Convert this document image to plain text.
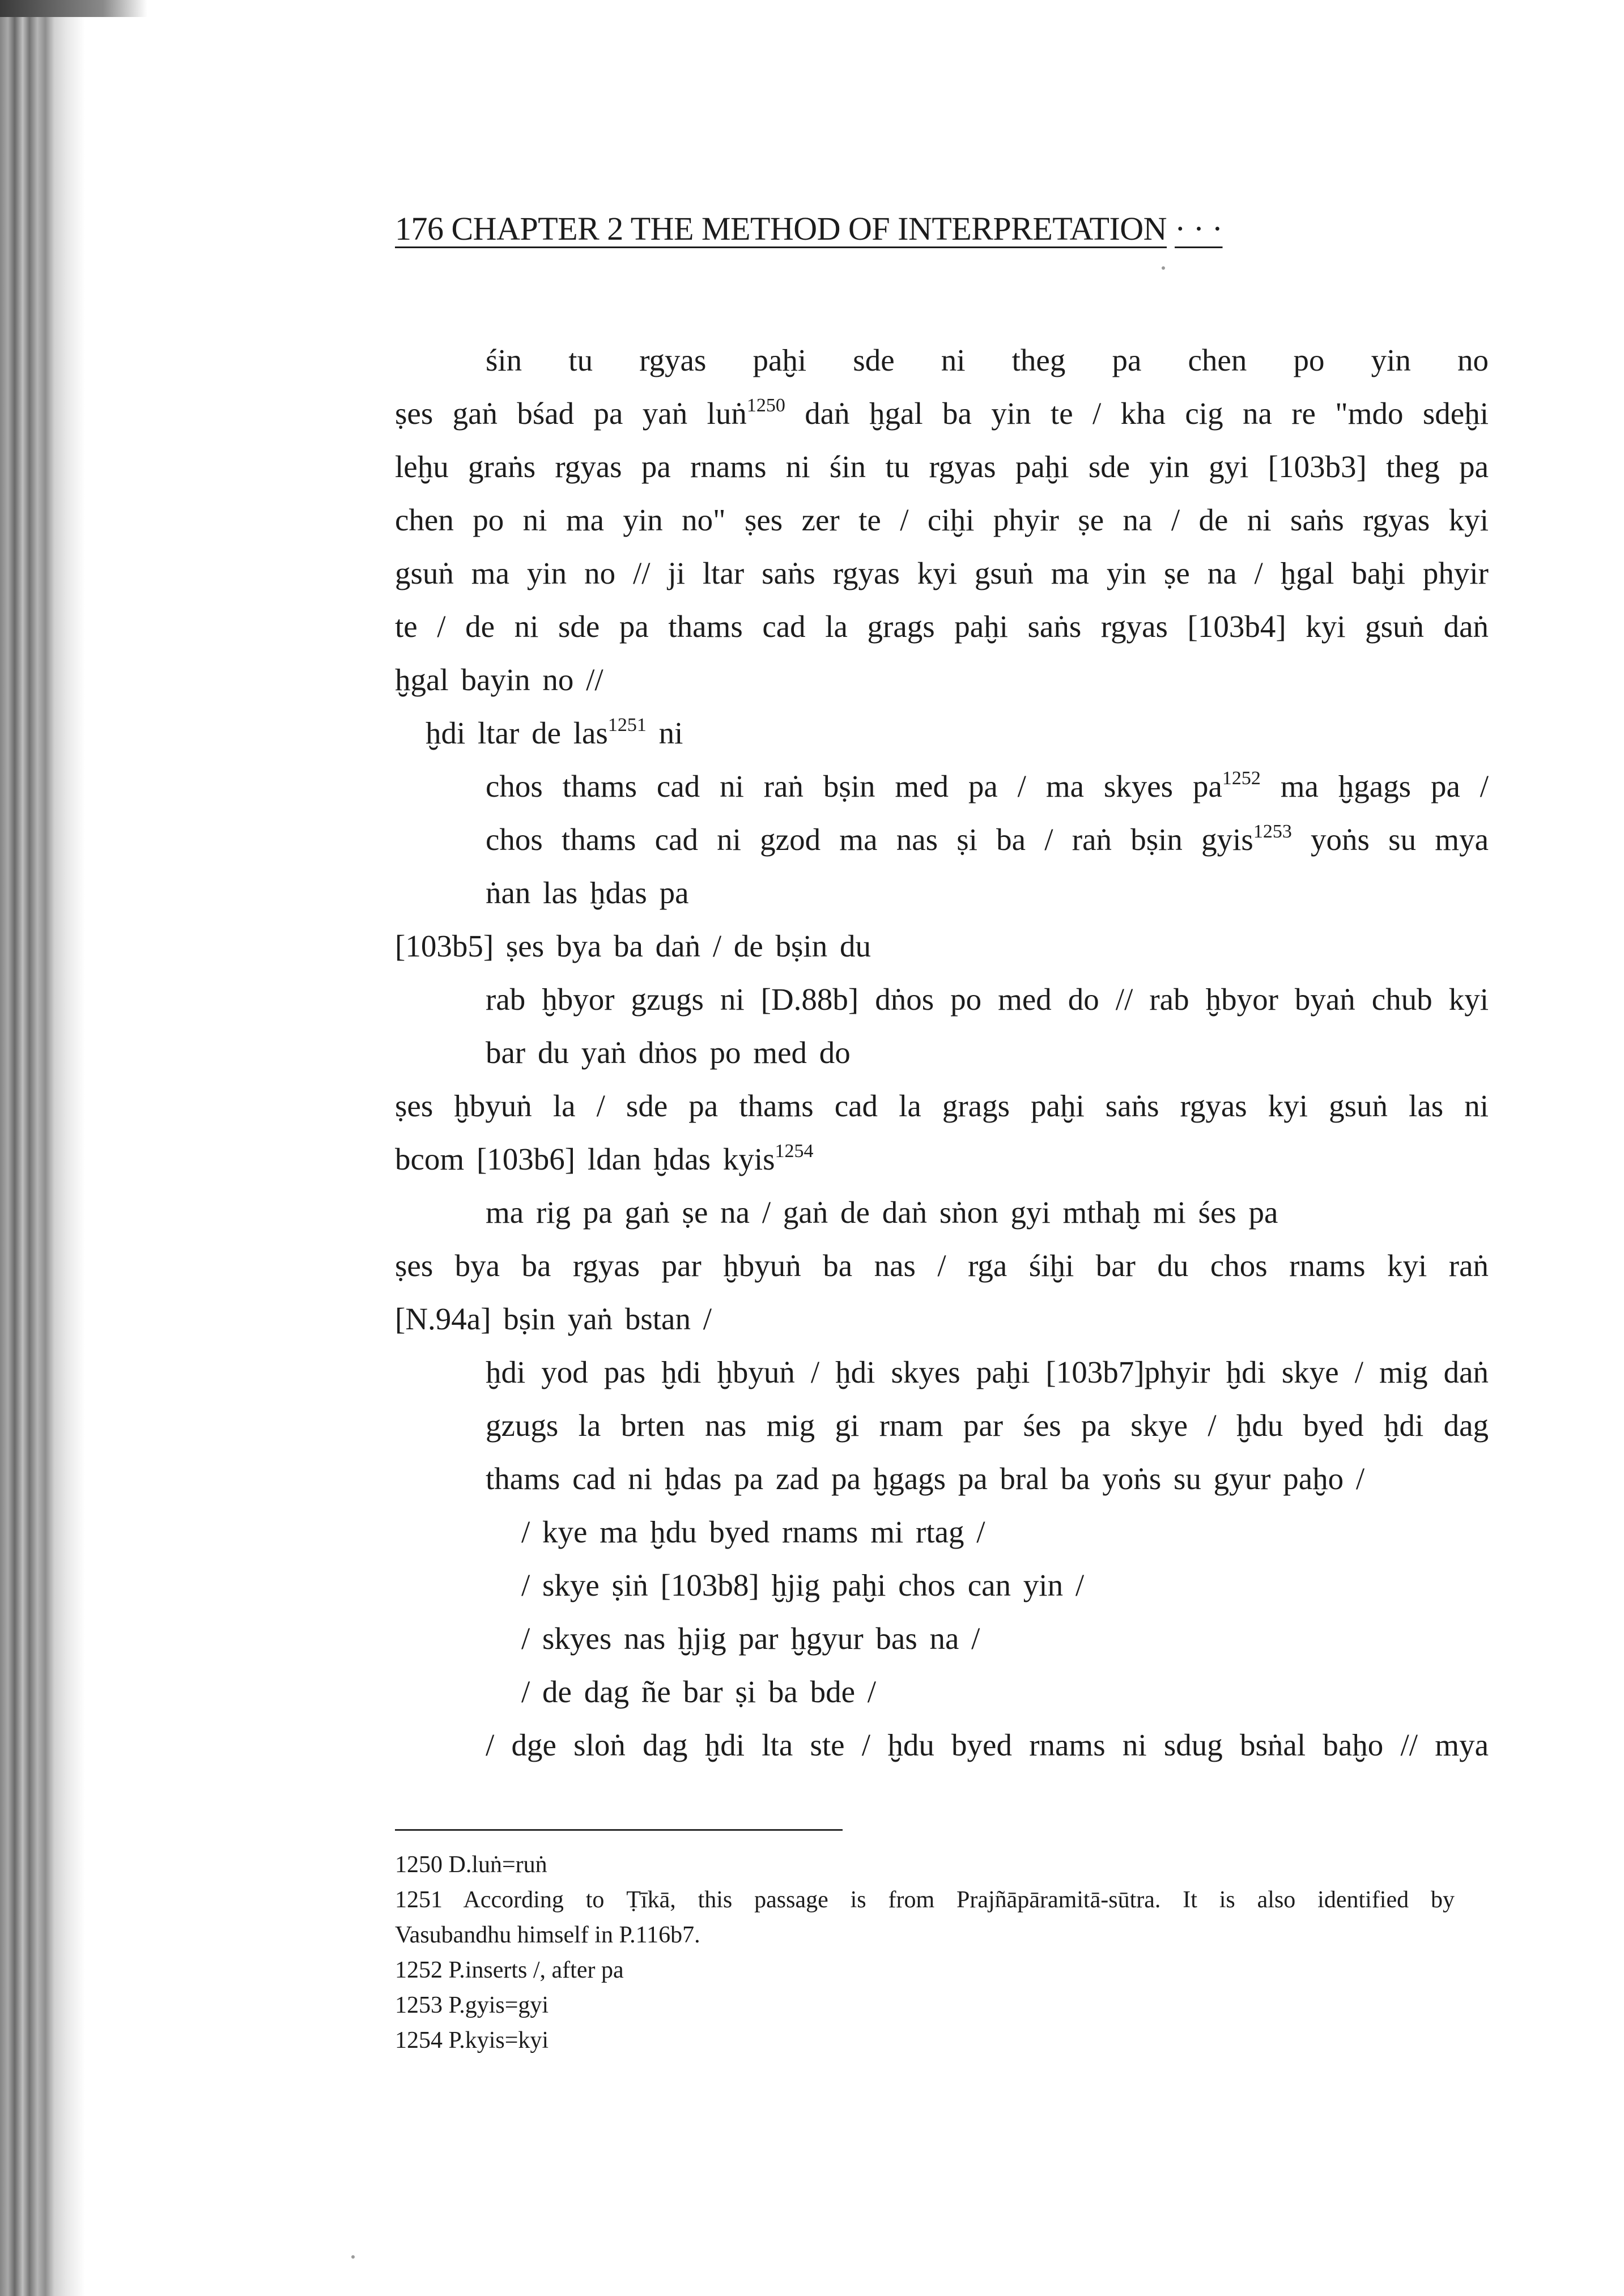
176 CHAPTER 2 THE METHOD OF INTERPRETATION · · ·
śin tu rgyas paḫi sde ni theg pa chen po yin no
ṣes gaṅ bśad pa yaṅ luṅ$^{1250}$ daṅ ḫgal ba yin te / kha cig na re "mdo sdeḫi
leḫu graṅs rgyas pa rnams ni śin tu rgyas paḫi sde yin gyi [103b3] theg pa
chen po ni ma yin no" ṣes zer te / ciḫi phyir ṣe na / de ni saṅs rgyas kyi
gsuṅ ma yin no // ji ltar saṅs rgyas kyi gsuṅ ma yin ṣe na / ḫgal baḫi phyir
te / de ni sde pa thams cad la grags paḫi saṅs rgyas [103b4] kyi gsuṅ daṅ
ḫgal bayin no //
ḫdi ltar de las$^{1251}$ ni
chos thams cad ni raṅ bṣin med pa / ma skyes $pa^{1252}$ ma ḫgags pa /
chos thams cad ni gzod ma nas ṣi ba / raṅ bṣin gyis$^{1253}$ yoṅs su mya
ṅan las ḫdas pa
[103b5] ṣes bya ba daṅ / de bṣin du
rab ḫbyor gzugs ni [D.88b] dṅos po med do // rab ḫbyor byaṅ chub kyi
bar du yaṅ dṅos po med do
ṣes ḫbyuṅ la / sde pa thams cad la grags paḫi saṅs rgyas kyi gsuṅ las ni
bcom [103b6] ldan ḫdas kyis$^{1254}$
ma rig pa gaṅ ṣe na / gaṅ de daṅ sṅon gyi mthaḫ mi śes pa
ṣes bya ba rgyas par ḫbyuṅ ba nas / rga śiḫi bar du chos rnams kyi raṅ
[N.94a] bṣin yaṅ bstan /
ḫdi yod pas ḫdi ḫbyuṅ / ḫdi skyes paḫi [103b7]phyir ḫdi skye / mig daṅ
gzugs la brten nas mig gi rnam par śes pa skye / ḫdu byed ḫdi dag
thams cad ni ḫdas pa zad pa ḫgags pa bral ba yoṅs su gyur paḫo /
/ kye ma ḫdu byed rnams mi rtag /
/ skye ṣiṅ [103b8] ḫjig paḫi chos can yin /
/ skyes nas ḫjig par ḫgyur bas na /
/ de dag ñe bar ṣi ba bde /
/ dge sloṅ dag ḫdi lta ste / ḫdu byed rnams ni sdug bsṅal baḫo // mya
1250 D.luṅ=ruṅ
1251 According to Ṭīkā, this passage is from Prajñāpāramitā-sūtra. It is also identified by
Vasubandhu himself in P.116b7.
1252 P.inserts /, after pa
1253 P.gyis=gyi
1254 P.kyis=kyi
